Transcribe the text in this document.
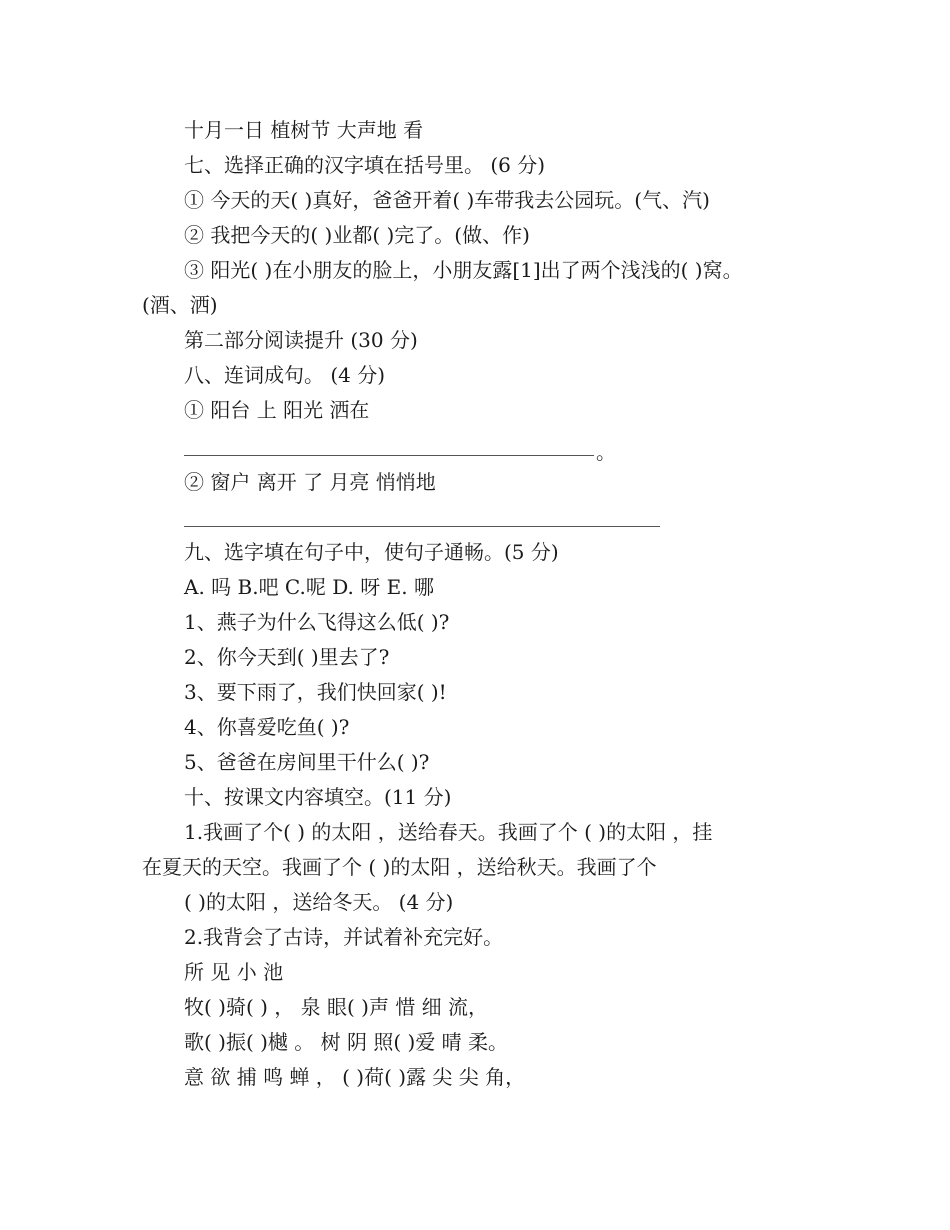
十月一日 植树节 大声地 看
七、选择正确的汉字填在括号里。 (6 分)
① 今天的天( )真好，爸爸开着( )车带我去公园玩。(气、汽)
② 我把今天的( )业都( )完了。(做、作)
③ 阳光( )在小朋友的脸上，小朋友露[1]出了两个浅浅的( )窝。
(酒、洒)
第二部分阅读提升 (30 分)
八、连词成句。 (4 分)
① 阳台 上 阳光 洒在
。
② 窗户 离开 了 月亮 悄悄地
九、选字填在句子中，使句子通畅。(5 分)
A. 吗 B.吧 C.呢 D. 呀 E. 哪
1、燕子为什么飞得这么低( )?
2、你今天到( )里去了?
3、要下雨了，我们快回家( )!
4、你喜爱吃鱼( )?
5、爸爸在房间里干什么( )?
十、按课文内容填空。(11 分)
1.我画了个( ) 的太阳 ，送给春天。我画了个 ( )的太阳 ，挂
在夏天的天空。我画了个 ( )的太阳 ，送给秋天。我画了个
( )的太阳 ，送给冬天。 (4 分)
2.我背会了古诗，并试着补充完好。
所 见 小 池
牧( )骑( ) ， 泉 眼( )声 惜 细 流，
歌( )振( )樾 。 树 阴 照( )爱 晴 柔。
意 欲 捕 鸣 蝉 ， ( )荷( )露 尖 尖 角，
